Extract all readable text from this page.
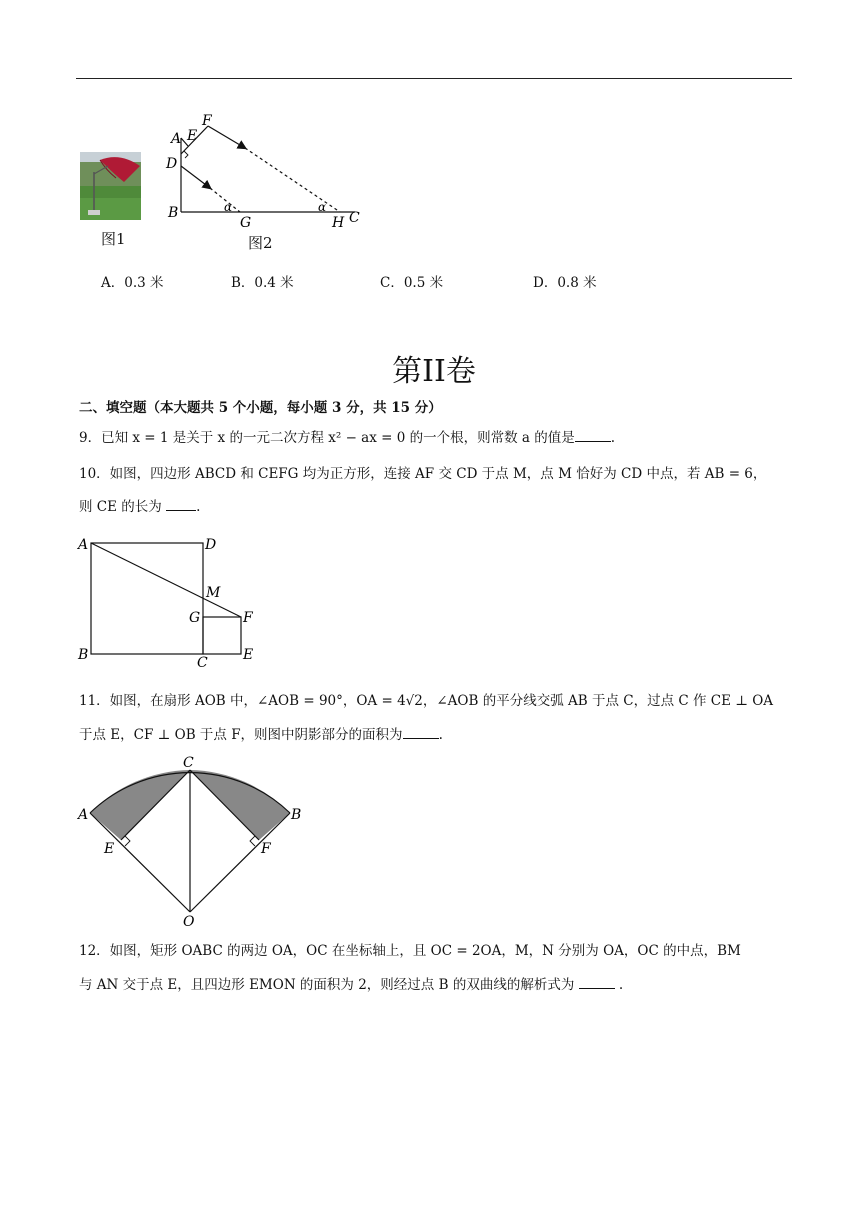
图1
A E
F
D
B
G	H C
α	α
图2
A．0.3 米	B．0.4 米	C．0.5 米	D．0.8 米
第II卷
二、填空题（本大题共 5 个小题，每小题 3 分，共 15 分）
9．已知 x = 1 是关于 x 的一元二次方程 x² − ax = 0 的一个根，则常数 a 的值是	.
10．如图，四边形 ABCD 和 CEFG 均为正方形，连接 AF 交 CD 于点 M，点 M 恰好为 CD 中点，若 AB = 6，
则 CE 的长为	.
A	D
M
G	F
B	C	E
11．如图，在扇形 AOB 中，∠AOB = 90°，OA = 4√2，∠AOB 的平分线交弧 AB 于点 C，过点 C 作 CE ⊥ OA
于点 E，CF ⊥ OB 于点 F，则图中阴影部分的面积为	.
C
A	B
E	F
O
12．如图，矩形 OABC 的两边 OA，OC 在坐标轴上，且 OC = 2OA，M，N 分别为 OA，OC 的中点，BM
与 AN 交于点 E，且四边形 EMON 的面积为 2，则经过点 B 的双曲线的解析式为	.
